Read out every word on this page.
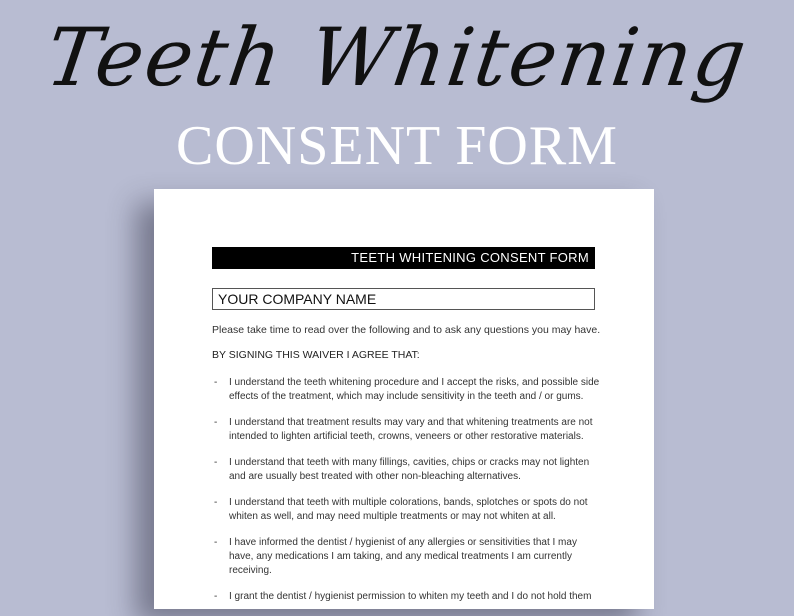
Teeth Whitening
CONSENT FORM
TEETH WHITENING CONSENT FORM
YOUR COMPANY NAME
Please take time to read over the following and to ask any questions you may have.
BY SIGNING THIS WAIVER I AGREE THAT:
- I understand the teeth whitening procedure and I accept the risks, and possible side effects of the treatment, which may include sensitivity in the teeth and / or gums.
- I understand that treatment results may vary and that whitening treatments are not intended to lighten artificial teeth, crowns, veneers or other restorative materials.
- I understand that teeth with many fillings, cavities, chips or cracks may not lighten and are usually best treated with other non-bleaching alternatives.
- I understand that teeth with multiple colorations, bands, splotches or spots do not whiten as well, and may need multiple treatments or may not whiten at all.
- I have informed the dentist / hygienist of any allergies or sensitivities that I may have, any medications I am taking, and any medical treatments I am currently receiving.
- I grant the dentist / hygienist permission to whiten my teeth and I do not hold them
